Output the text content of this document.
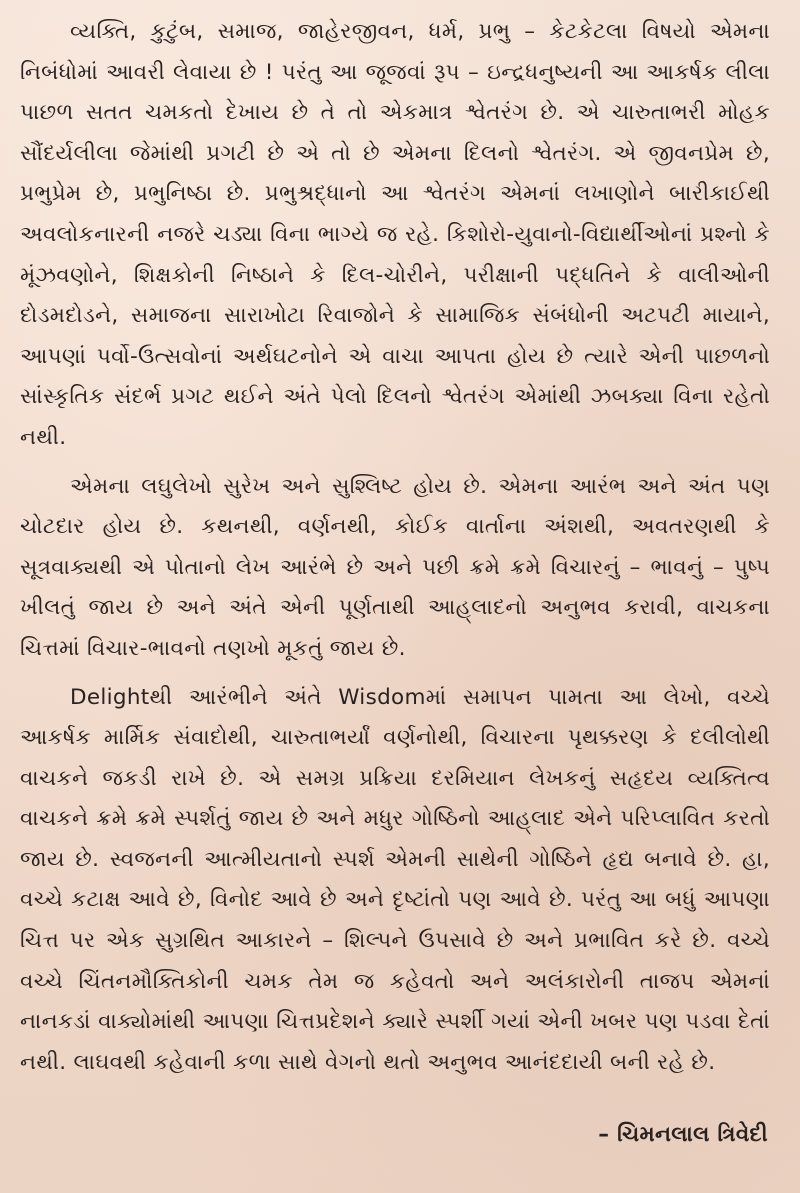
વ્યક્તિ, કુટુંબ, સમાજ, જાહેરજીવન, ધર્મ, પ્રભુ – કેટકેટલા વિષયો એમના નિબંધોમાં આવરી લેવાયા છે ! પરંતુ આ જૂજવાં રૂપ – ઇન્દ્રધનુષ્યની આ આકર્ષક લીલા પાછળ સતત ચમકતો દેખાય છે તે તો એકમાત્ર શ્વેતરંગ છે. એ ચારુતાભરી મોહક સૌંદર્યલીલા જેમાંથી પ્રગટી છે એ તો છે એમના દિલનો શ્વેતરંગ. એ જીવનપ્રેમ છે, પ્રભુપ્રેમ છે, પ્રભુનિષ્ઠા છે. પ્રભુશ્રદ્ધાનો આ શ્વેતરંગ એમનાં લખાણોને બારીકાઈથી અવલોકનારની નજરે ચડ્યા વિના ભાગ્યે જ રહે. કિશોરો-યુવાનો-વિદ્યાર્થીઓનાં પ્રશ્નો કે મૂંઝવણોને, શિક્ષકોની નિષ્ઠાને કે દિલ-ચોરીને, પરીક્ષાની પદ્ધતિને કે વાલીઓની દોડમદોડને, સમાજના સારાખોટા રિવાજોને કે સામાજિક સંબંધોની અટપટી માયાને, આપણાં પર્વો-ઉત્સવોનાં અર્થઘટનોને એ વાચા આપતા હોય છે ત્યારે એની પાછળનો સાંસ્કૃતિક સંદર્ભ પ્રગટ થઈને અંતે પેલો દિલનો શ્વેતરંગ એમાંથી ઝબક્યા વિના રહેતો નથી.

એમના લઘુલેખો સુરેખ અને સુશ્લિષ્ટ હોય છે. એમના આરંભ અને અંત પણ ચોટદાર હોય છે. કથનથી, વર્ણનથી, કોઈક વાર્તાના અંશથી, અવતરણથી કે સૂત્રવાક્યથી એ પોતાનો લેખ આરંભે છે અને પછી ક્રમે ક્રમે વિચારનું – ભાવનું – પુષ્પ ખીલતું જાય છે અને અંતે એની પૂર્ણતાથી આહ્‌લાદનો અનુભવ કરાવી, વાચકના ચિત્તમાં વિચાર-ભાવનો તણખો મૂકતું જાય છે.

Delightથી આરંભીને અંતે Wisdomમાં સમાપન પામતા આ લેખો, વચ્ચે આકર્ષક માર્મિક સંવાદોથી, ચારુતાભર્યાં વર્ણનોથી, વિચારના પૃથક્કરણ કે દલીલોથી વાચકને જકડી રાખે છે. એ સમગ્ર પ્રક્રિયા દરમિયાન લેખકનું સહૃદય વ્યક્તિત્વ વાચકને ક્રમે ક્રમે સ્પર્શતું જાય છે અને મધુર ગોષ્ઠિનો આહ્‌લાદ એને પરિપ્લાવિત કરતો જાય છે. સ્વજનની આત્મીયતાનો સ્પર્શ એમની સાથેની ગોષ્ઠિને હૃદ્ય બનાવે છે. હા, વચ્ચે કટાક્ષ આવે છે, વિનોદ આવે છે અને દૃષ્ટાંતો પણ આવે છે. પરંતુ આ બધું આપણા ચિત્ત પર એક સુગ્રથિત આકારને – શિલ્પને ઉપસાવે છે અને પ્રભાવિત કરે છે. વચ્ચે વચ્ચે ચિંતનમૌક્તિકોની ચમક તેમ જ કહેવતો અને અલંકારોની તાજપ એમનાં નાનકડાં વાક્યોમાંથી આપણા ચિત્તપ્રદેશને ક્યારે સ્પર્શી ગયાં એની ખબર પણ પડવા દેતાં નથી. લાઘવથી કહેવાની કળા સાથે વેગનો થતો અનુભવ આનંદદાયી બની રહે છે.

– ચિમનલાલ ત્રિવેદી
